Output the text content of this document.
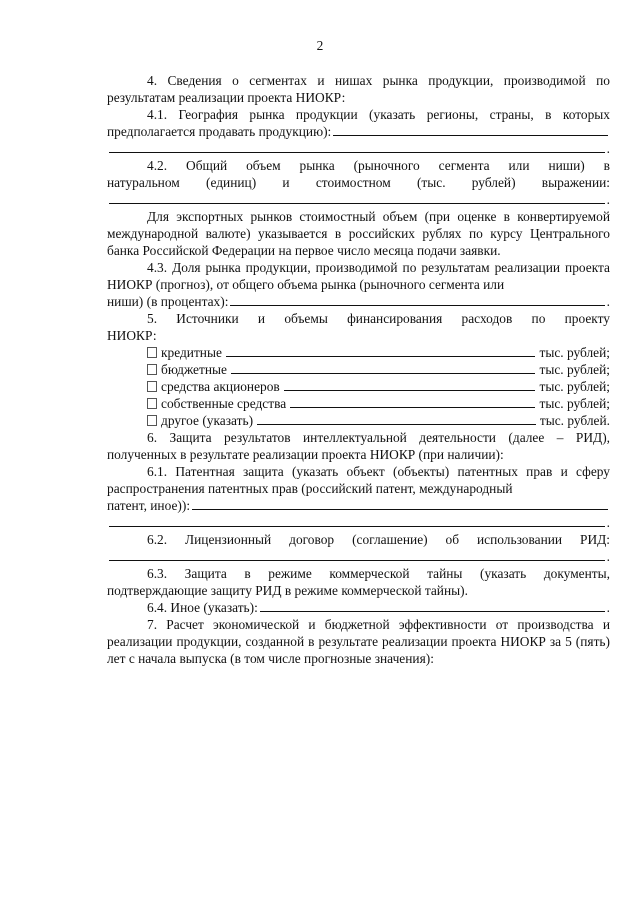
2

4. Сведения о сегментах и нишах рынка продукции, производимой по

результатам реализации проекта НИОКР:

4.1. География рынка продукции (указать регионы, страны, в которых

предполагается продавать продукцию):
.

4.2. Общий объем рынка (рыночного сегмента или ниши) в

натуральном (единиц) и стоимостном (тыс. рублей) выражении:

.

Для экспортных рынков стоимостный объем (при оценке в конвертируемой международной валюте) указывается в российских рублях по курсу Центрального банка Российской Федерации на первое число месяца подачи заявки.

4.3. Доля рынка продукции, производимой по результатам реализации проекта НИОКР (прогноз), от общего объема рынка (рыночного сегмента или

ниши) (в процентах):	.

5. Источники и объемы финансирования расходов по проекту

НИОКР:

кредитные	тыс. рублей;
бюджетные	тыс. рублей;
средства акционеров	тыс. рублей;
собственные средства	тыс. рублей;
другое (указать)	тыс. рублей.

6. Защита результатов интеллектуальной деятельности (далее – РИД), полученных в результате реализации проекта НИОКР (при наличии):

6.1. Патентная защита (указать объект (объекты) патентных прав и сферу распространения патентных прав (российский патент, международный

патент, иное)):
.

6.2. Лицензионный договор (соглашение) об использовании РИД:

.

6.3. Защита в режиме коммерческой тайны (указать документы, подтверждающие защиту РИД в режиме коммерческой тайны).

6.4. Иное (указать):	.

7. Расчет экономической и бюджетной эффективности от производства и реализации продукции, созданной в результате реализации проекта НИОКР за 5 (пять) лет с начала выпуска (в том числе прогнозные значения):
